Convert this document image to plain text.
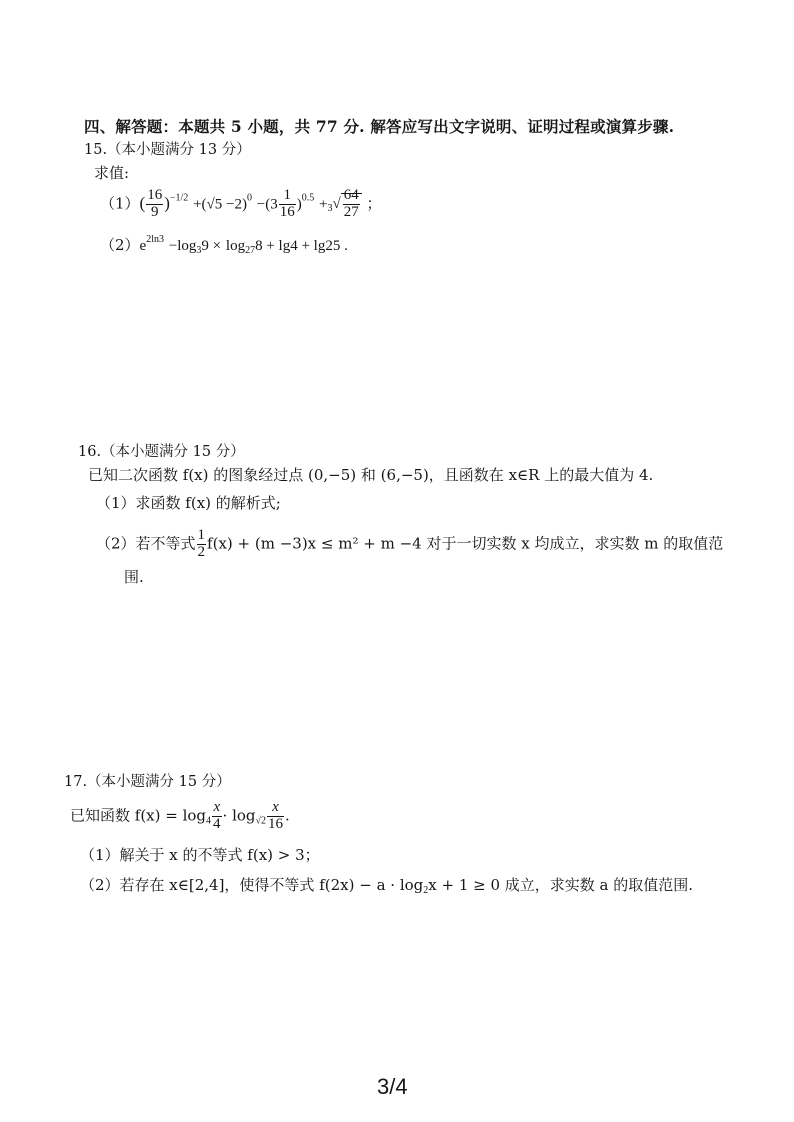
四、解答题：本题共 5 小题，共 77 分. 解答应写出文字说明、证明过程或演算步骤.
15.（本小题满分 13 分）
求值:
$(1)( \frac{16}{9} )^{-1/2} +(√5 -2)^0 -(3 \frac{1}{16} )^{0.5} +_3√ \frac{64}{27}$ ；
$(2)e^{2ln3} -\log_39 \times \log_{27}8 + \lg 4 + \lg 25$ .
16.（本小题满分 15 分）
已知二次函数 f(x) 的图象经过点 (0,−5) 和 (6,−5)，且函数在 x∈R 上的最大值为 4.
（1）求函数 f(x) 的解析式;
（2）若不等式 $\frac{1}{2} f(x) + (m -3)x \le m^2 + m -4$ 对于一切实数 x 均成立，求实数 m 的取值范
围.
17.（本小题满分 15 分）
已知函数 $f(x) = \log_4 \frac{x}{4} \cdot \log_{√2} \frac{x}{16}$ .
（1）解关于 x 的不等式 f(x) > 3；
（2）若存在 x∈[2,4]，使得不等式 $f(2x) - a \cdot \log_2x + 1 \ge 0$ 成立，求实数 a 的取值范围.
3/4
